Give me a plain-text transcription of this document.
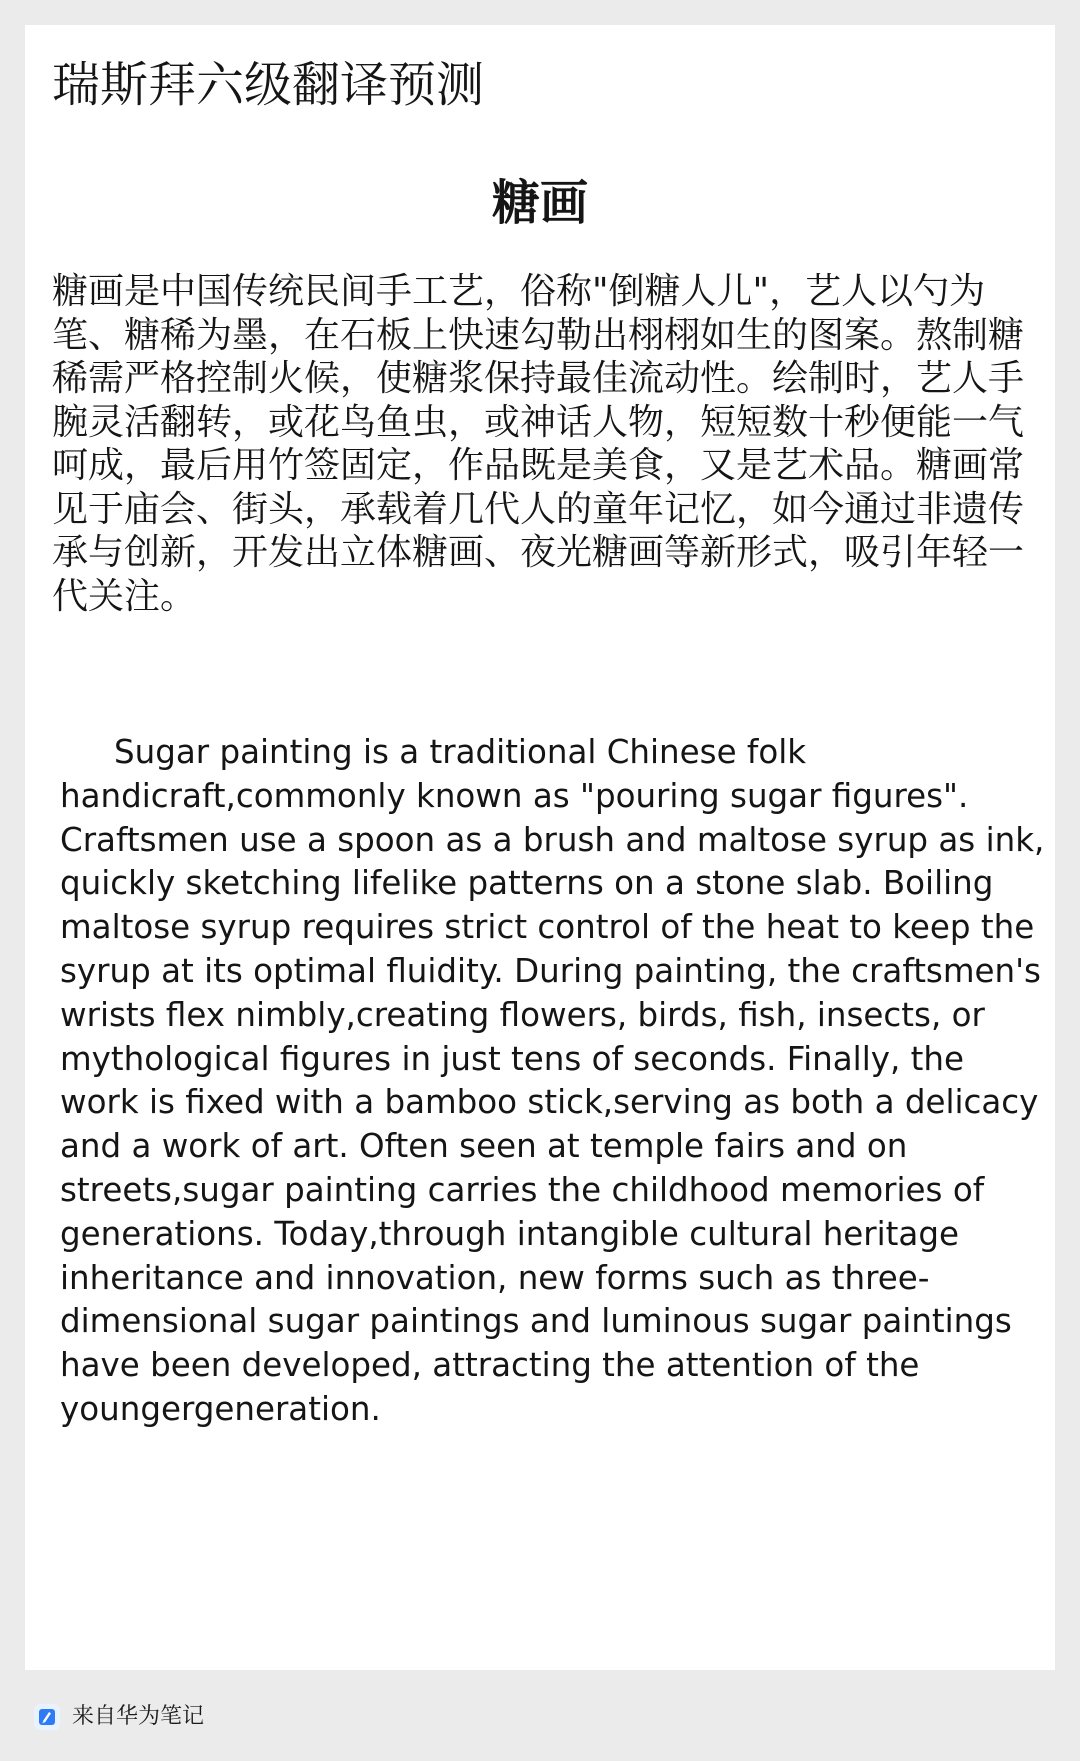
瑞斯拜六级翻译预测
糖画

糖画是中国传统民间手工艺，俗称"倒糖人儿"，艺人以勺为笔、糖稀为墨，在石板上快速勾勒出栩栩如生的图案。熬制糖稀需严格控制火候，使糖浆保持最佳流动性。绘制时，艺人手腕灵活翻转，或花鸟鱼虫，或神话人物，短短数十秒便能一气呵成，最后用竹签固定，作品既是美食，又是艺术品。糖画常见于庙会、街头，承载着几代人的童年记忆，如今通过非遗传承与创新，开发出立体糖画、夜光糖画等新形式，吸引年轻一代关注。

Sugar painting is a traditional Chinese folk handicraft,commonly known as "pouring sugar figures". Craftsmen use a spoon as a brush and maltose syrup as ink, quickly sketching lifelike patterns on a stone slab. Boiling maltose syrup requires strict control of the heat to keep the syrup at its optimal fluidity. During painting, the craftsmen's wrists flex nimbly,creating flowers, birds, fish, insects, or mythological figures in just tens of seconds. Finally, the work is fixed with a bamboo stick,serving as both a delicacy and a work of art. Often seen at temple fairs and on streets,sugar painting carries the childhood memories of generations. Today,through intangible cultural heritage inheritance and innovation, new forms such as three-dimensional sugar paintings and luminous sugar paintings have been developed, attracting the attention of the youngergeneration.

来自华为笔记
